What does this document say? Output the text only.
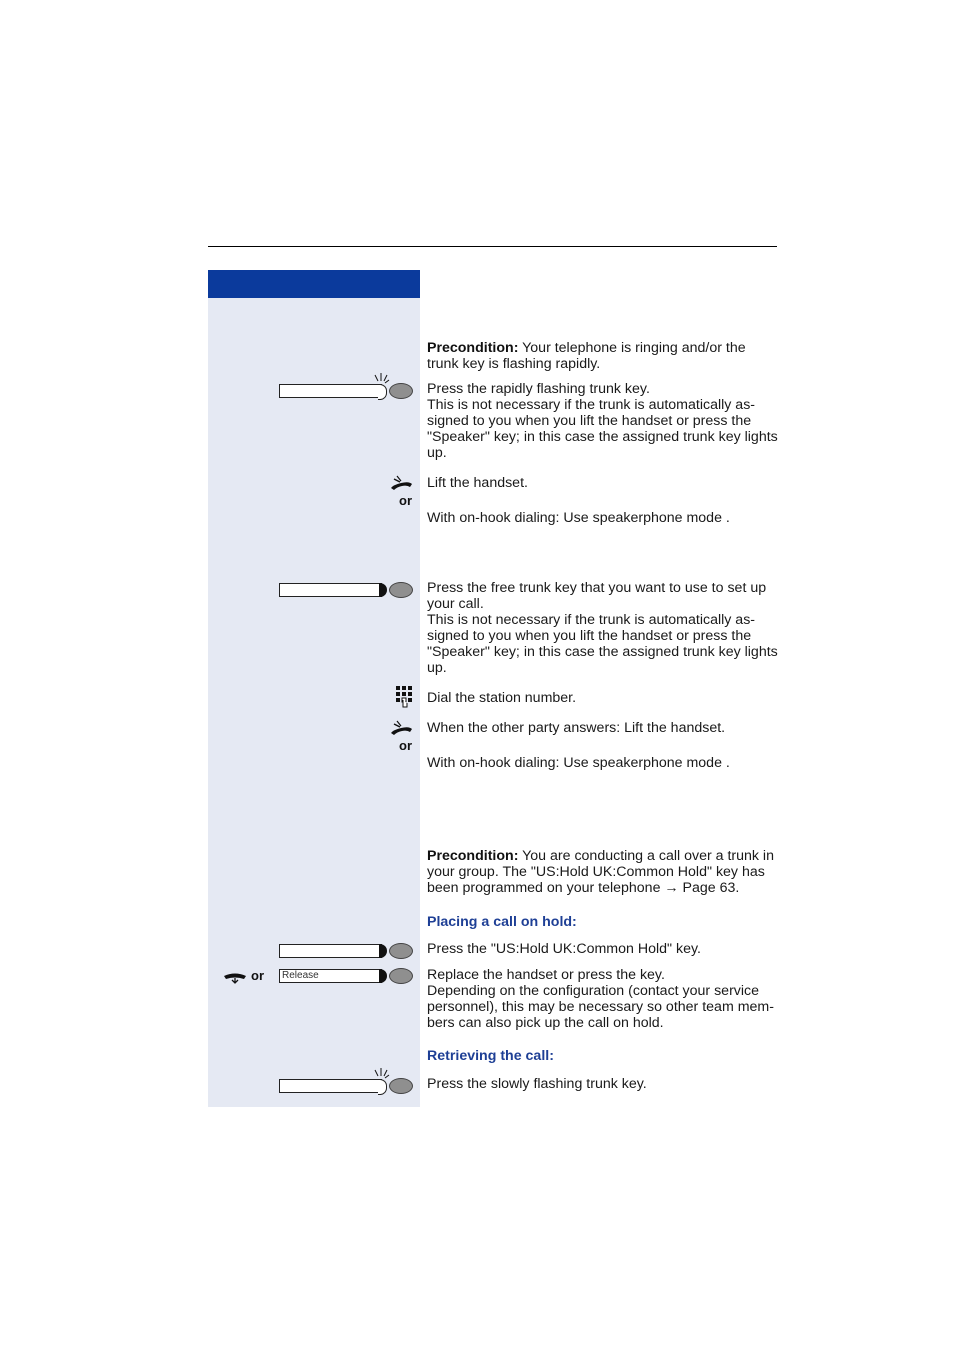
Precondition: Your telephone is ringing and/or the trunk key is flashing rapidly.

Press the rapidly flashing trunk key.
This is not necessary if the trunk is automatically as-signed to you when you lift the handset or press the "Speaker" key; in this case the assigned trunk key lights up.

Lift the handset.

or

With on-hook dialing: Use speakerphone mode .

Press the free trunk key that you want to use to set up your call.
This is not necessary if the trunk is automatically as-signed to you when you lift the handset or press the "Speaker" key; in this case the assigned trunk key lights up.

Dial the station number.

When the other party answers: Lift the handset.

or

With on-hook dialing: Use speakerphone mode .

Precondition: You are conducting a call over a trunk in your group. The "US:Hold UK:Common Hold" key has been programmed on your telephone → Page 63.

Placing a call on hold:

Press the "US:Hold UK:Common Hold" key.

or Release	Replace the handset or press the key.
Depending on the configuration (contact your service personnel), this may be necessary so other team mem-bers can also pick up the call on hold.

Retrieving the call:

Press the slowly flashing trunk key.
